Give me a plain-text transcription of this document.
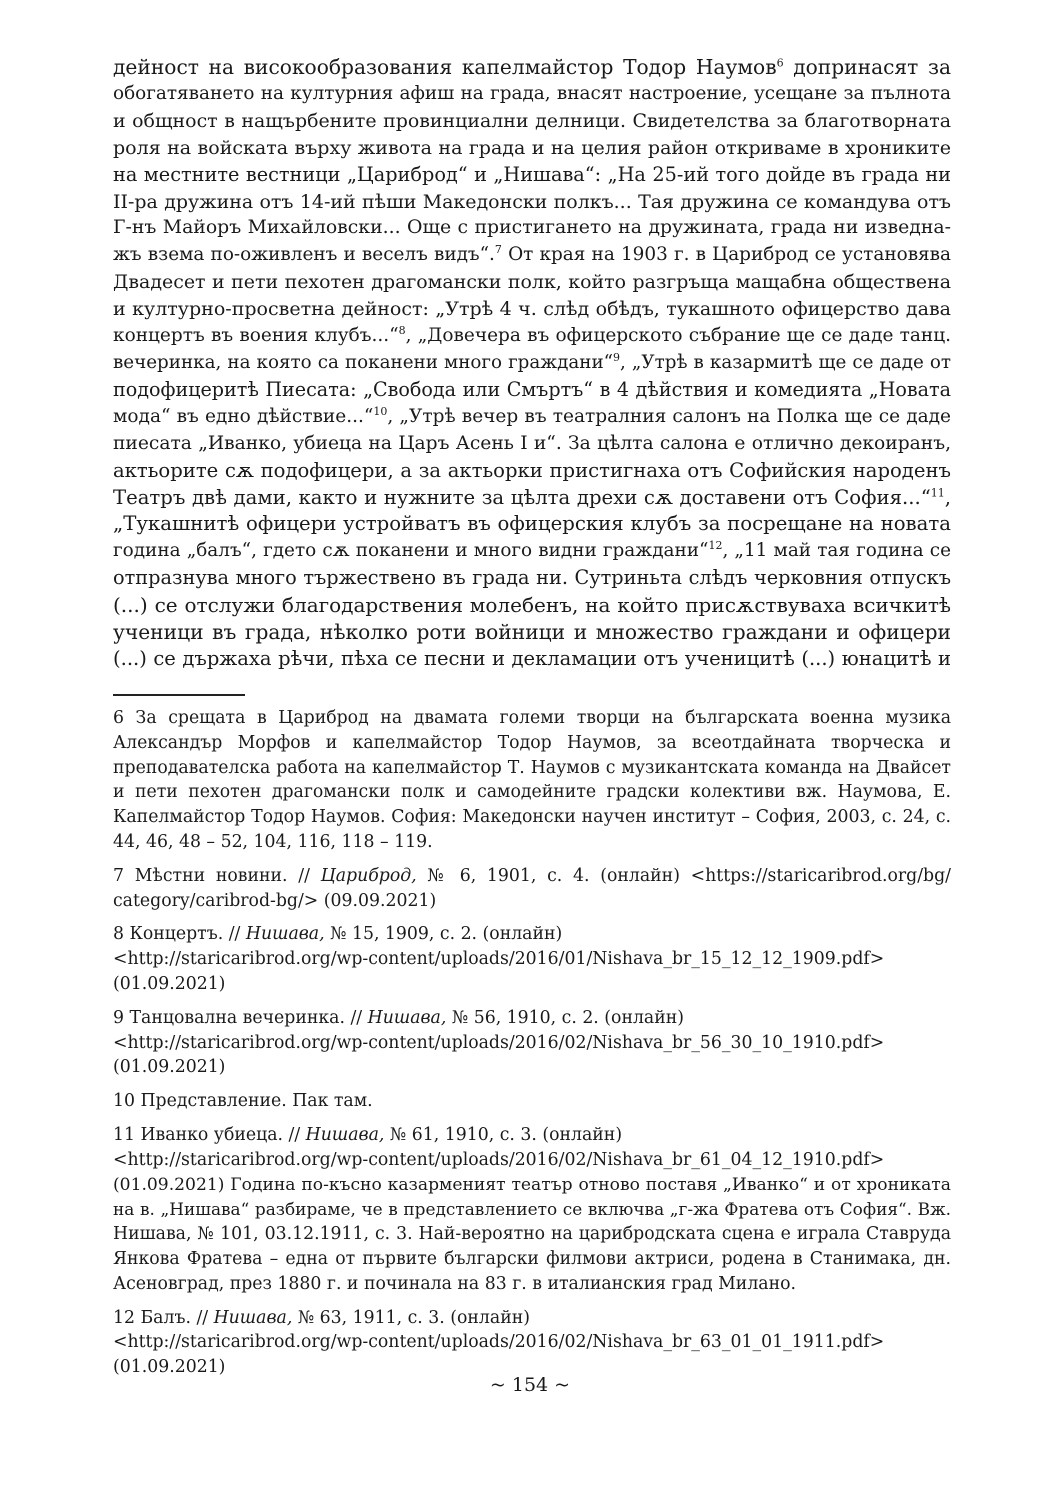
дейност на високообразования капелмайстор Тодор Наумов$^6$ допринасят за
обогатяването на културния афиш на града, внасят настроение, усещане за пълнота
и общност в нащърбените провинциални делници. Свидетелства за благотворната
роля на войската върху живота на града и на целия район откриваме в хрониките
на местните вестници „Цариброд“ и „Нишава“: „На 25-ий того дойде въ града ни
II-ра дружина отъ 14-ий пѣши Македонски полкъ... Тая дружина се командува отъ
Г-нъ Майоръ Михайловски... Още с пристигането на дружината, града ни изведна-
жъ взема по-оживленъ и веселъ видъ“.$^7$ От края на 1903 г. в Цариброд се установява
Двадесет и пети пехотен драгомански полк, който разгръща мащабна обществена
и културно-просветна дейност: „Утрѣ 4 ч. слѣд обѣдъ, тукашното офицерство дава
концертъ въ воения клубъ...“$^8$, „Довечера въ офицерското събрание ще се даде танц.
вечеринка, на която са поканени много граждани“$^9$, „Утрѣ в казармитѣ ще се даде от
подофицеритѣ Пиесата: „Свобода или Смъртъ“ в 4 дѣйствия и комедията „Новата
мода“ въ едно дѣйствие...“$^{10}$, „Утрѣ вечер въ театралния салонъ на Полка ще се даде
пиесата „Иванко, убиеца на Царъ Асень I и“. За цѣлта салона е отлично декоиранъ,
актьорите сѫ подофицери, а за актьорки пристигнаха отъ Софийския народенъ
Театръ двѣ дами, както и нужните за цѣлта дрехи сѫ доставени отъ София...“$^{11}$,
„Тукашнитѣ офицери устройватъ въ офицерския клубъ за посрещане на новата
година „балъ“, гдето сѫ поканени и много видни граждани“$^{12}$, „11 май тая година се
отпразнува много тържествено въ града ни. Сутриньта слѣдъ черковния отпускъ
(...) се отслужи благодарствения молебенъ, на който присѫствуваха всичкитѣ
ученици въ града, нѣколко роти войници и множество граждани и офицери
(...) се държаха рѣчи, пѣха се песни и декламации отъ ученицитѣ (...) юнацитѣ и

6 За срещата в Цариброд на двамата големи творци на българската военна музика
Александър Морфов и капелмайстор Тодор Наумов, за всеотдайната творческа и
преподавателска работа на капелмайстор Т. Наумов с музикантската команда на Двайсет
и пети пехотен драгомански полк и самодейните градски колективи вж. Наумова, Е.
Капелмайстор Тодор Наумов. София: Македонски научен институт – София, 2003, с. 24, с.
44, 46, 48 – 52, 104, 116, 118 – 119.
7 Мѣстни новини. // Цариброд, № 6, 1901, с. 4. (онлайн) <https://staricaribrod.org/bg/
category/caribrod-bg/> (09.09.2021)
8 Концертъ. // Нишава, № 15, 1909, с. 2. (онлайн)
<http://staricaribrod.org/wp-content/uploads/2016/01/Nishava_br_15_12_12_1909.pdf>
(01.09.2021)
9 Танцовална вечеринка. // Нишава, № 56, 1910, с. 2. (онлайн)
<http://staricaribrod.org/wp-content/uploads/2016/02/Nishava_br_56_30_10_1910.pdf>
(01.09.2021)
10 Представление. Пак там.
11 Иванко убиеца. // Нишава, № 61, 1910, с. 3. (онлайн)
<http://staricaribrod.org/wp-content/uploads/2016/02/Nishava_br_61_04_12_1910.pdf>
(01.09.2021) Година по-късно казарменият театър отново поставя „Иванко“ и от хрониката
на в. „Нишава“ разбираме, че в представлението се включва „г-жа Фратева отъ София“. Вж.
Нишава, № 101, 03.12.1911, с. 3. Най-вероятно на царибродската сцена е играла Ставруда
Янкова Фратева – една от първите български филмови актриси, родена в Станимака, дн.
Асеновград, през 1880 г. и починала на 83 г. в италианския град Милано.
12 Балъ. // Нишава, № 63, 1911, с. 3. (онлайн)
<http://staricaribrod.org/wp-content/uploads/2016/02/Nishava_br_63_01_01_1911.pdf>
(01.09.2021)
~ 154 ~
